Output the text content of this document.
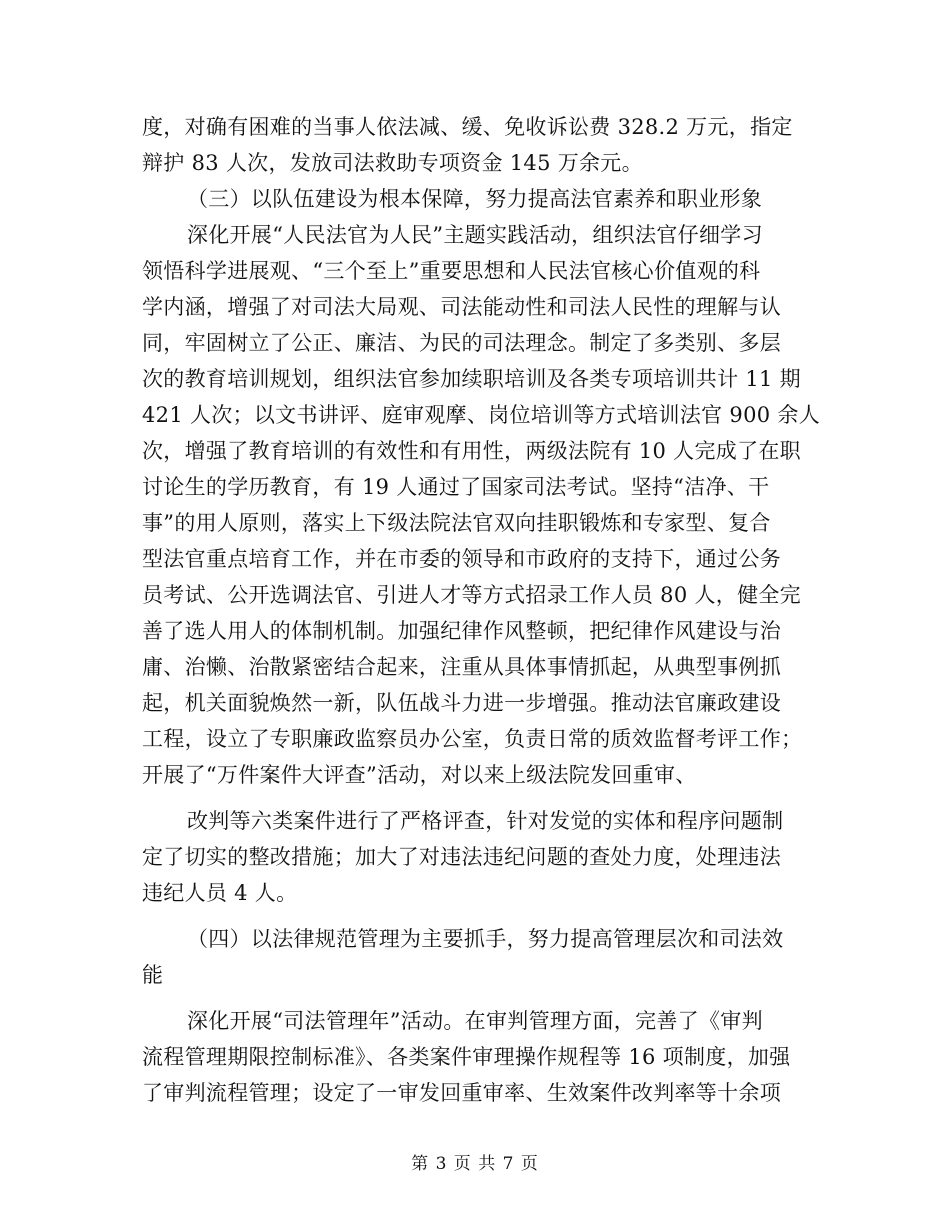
度，对确有困难的当事人依法减、缓、免收诉讼费 328.2 万元，指定
辩护 83 人次，发放司法救助专项资金 145 万余元。
（三）以队伍建设为根本保障，努力提高法官素养和职业形象
深化开展“人民法官为人民”主题实践活动，组织法官仔细学习
领悟科学进展观、“三个至上”重要思想和人民法官核心价值观的科
学内涵，增强了对司法大局观、司法能动性和司法人民性的理解与认
同，牢固树立了公正、廉洁、为民的司法理念。制定了多类别、多层
次的教育培训规划，组织法官参加续职培训及各类专项培训共计 11 期
421 人次；以文书讲评、庭审观摩、岗位培训等方式培训法官 900 余人
次，增强了教育培训的有效性和有用性，两级法院有 10 人完成了在职
讨论生的学历教育，有 19 人通过了国家司法考试。坚持“洁净、干
事”的用人原则，落实上下级法院法官双向挂职锻炼和专家型、复合
型法官重点培育工作，并在市委的领导和市政府的支持下，通过公务
员考试、公开选调法官、引进人才等方式招录工作人员 80 人，健全完
善了选人用人的体制机制。加强纪律作风整顿，把纪律作风建设与治
庸、治懒、治散紧密结合起来，注重从具体事情抓起，从典型事例抓
起，机关面貌焕然一新，队伍战斗力进一步增强。推动法官廉政建设
工程，设立了专职廉政监察员办公室，负责日常的质效监督考评工作；
开展了“万件案件大评查”活动，对以来上级法院发回重审、
改判等六类案件进行了严格评查，针对发觉的实体和程序问题制
定了切实的整改措施；加大了对违法违纪问题的查处力度，处理违法
违纪人员 4 人。
（四）以法律规范管理为主要抓手，努力提高管理层次和司法效
能
深化开展“司法管理年”活动。在审判管理方面，完善了《审判
流程管理期限控制标准》、各类案件审理操作规程等 16 项制度，加强
了审判流程管理；设定了一审发回重审率、生效案件改判率等十余项
第 3 页 共 7 页
